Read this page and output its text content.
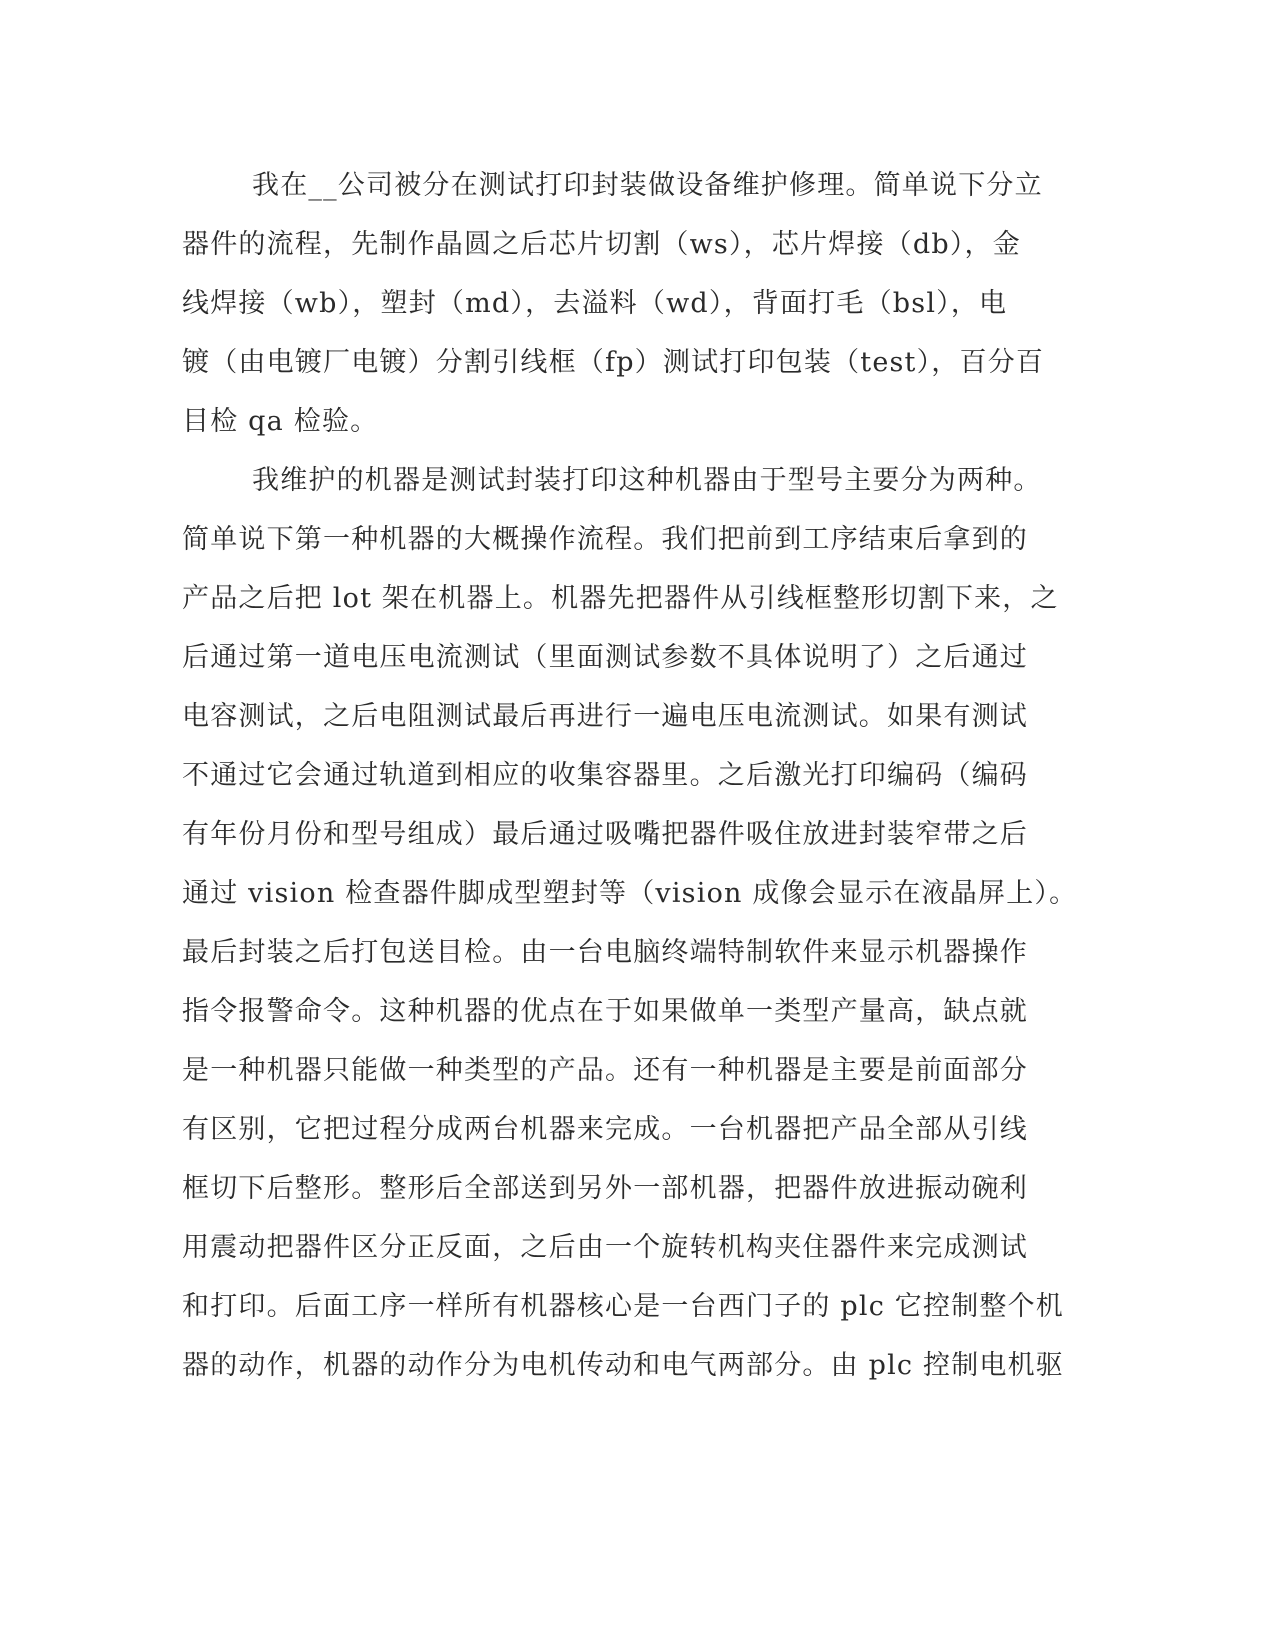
我在__公司被分在测试打印封装做设备维护修理。简单说下分立
器件的流程，先制作晶圆之后芯片切割（ws），芯片焊接（db），金
线焊接（wb），塑封（md），去溢料（wd），背面打毛（bsl），电
镀（由电镀厂电镀）分割引线框（fp）测试打印包装（test），百分百
目检 qa 检验。
我维护的机器是测试封装打印这种机器由于型号主要分为两种。
简单说下第一种机器的大概操作流程。我们把前到工序结束后拿到的
产品之后把 lot 架在机器上。机器先把器件从引线框整形切割下来，之
后通过第一道电压电流测试（里面测试参数不具体说明了）之后通过
电容测试，之后电阻测试最后再进行一遍电压电流测试。如果有测试
不通过它会通过轨道到相应的收集容器里。之后激光打印编码（编码
有年份月份和型号组成）最后通过吸嘴把器件吸住放进封装窄带之后
通过 vision 检查器件脚成型塑封等（vision 成像会显示在液晶屏上）。
最后封装之后打包送目检。由一台电脑终端特制软件来显示机器操作
指令报警命令。这种机器的优点在于如果做单一类型产量高，缺点就
是一种机器只能做一种类型的产品。还有一种机器是主要是前面部分
有区别，它把过程分成两台机器来完成。一台机器把产品全部从引线
框切下后整形。整形后全部送到另外一部机器，把器件放进振动碗利
用震动把器件区分正反面，之后由一个旋转机构夹住器件来完成测试
和打印。后面工序一样所有机器核心是一台西门子的 plc 它控制整个机
器的动作，机器的动作分为电机传动和电气两部分。由 plc 控制电机驱
